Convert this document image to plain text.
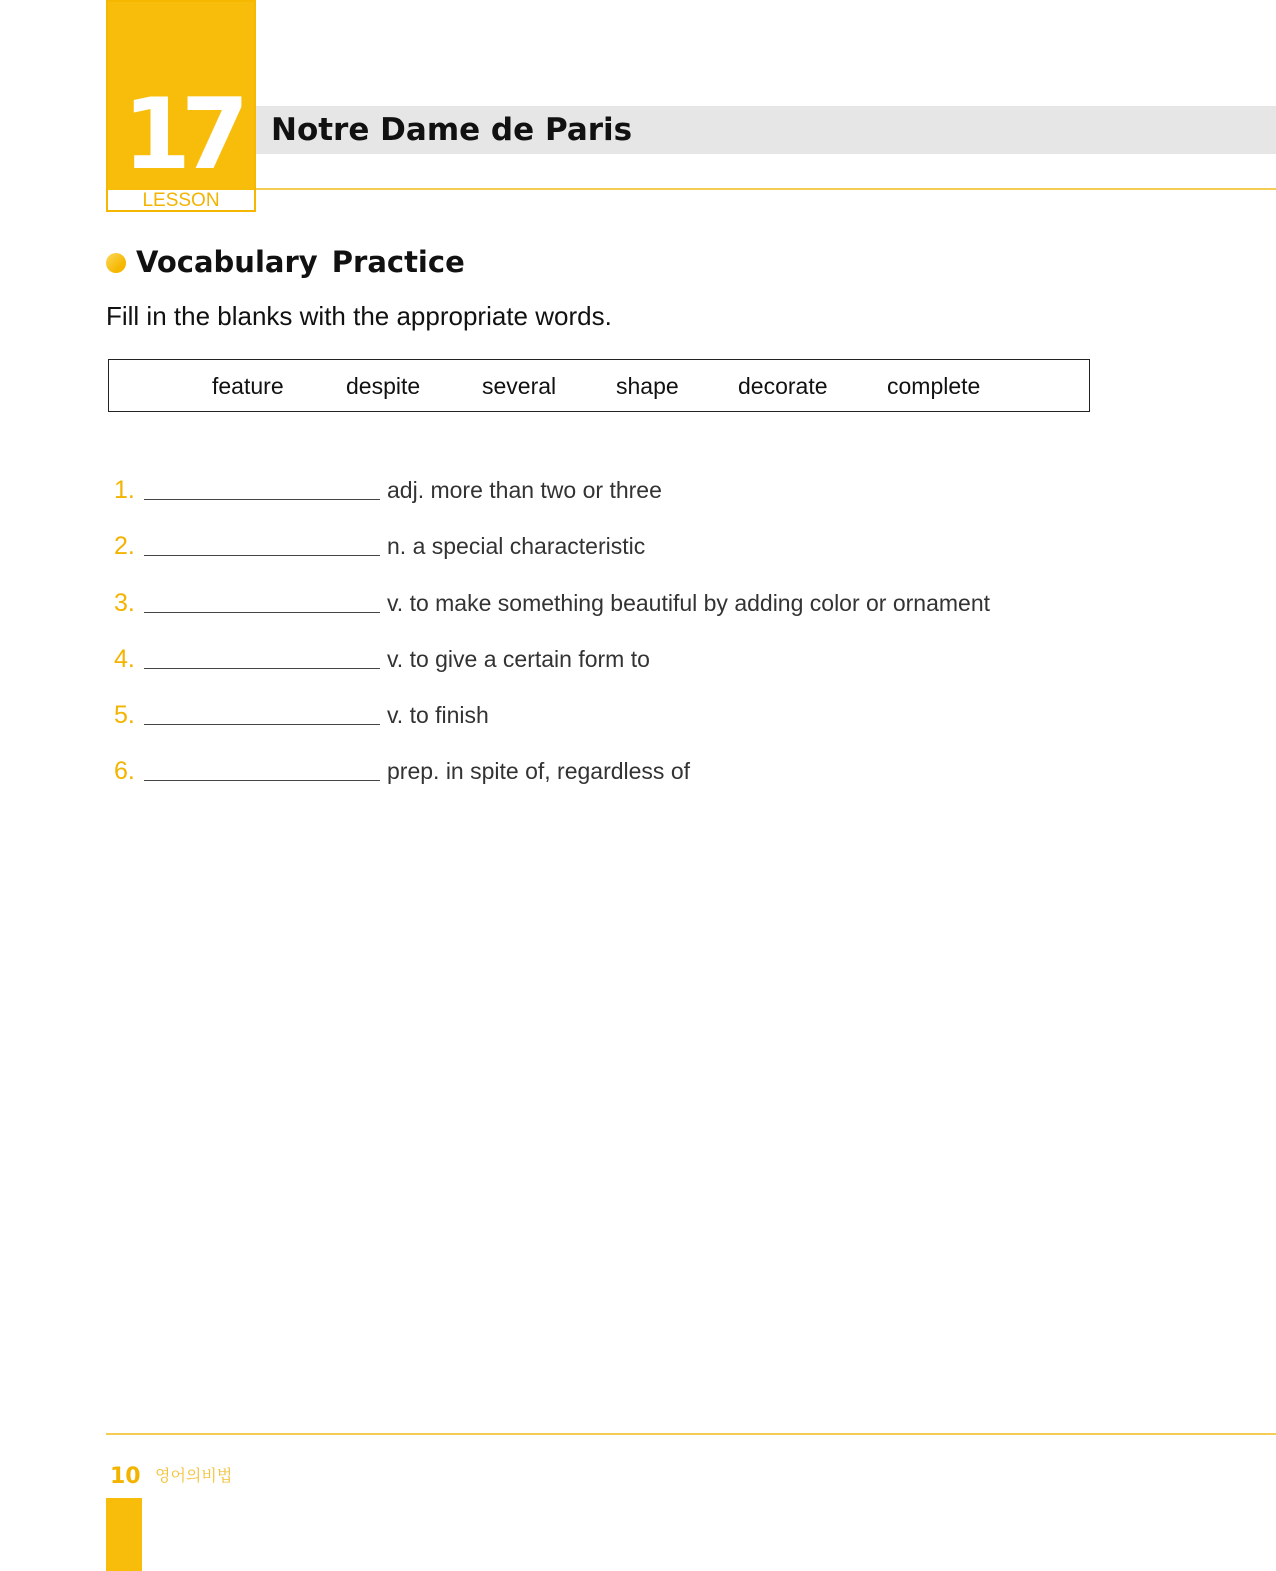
17
LESSON
Notre Dame de Paris
Vocabulary Practice
Fill in the blanks with the appropriate words.
feature	despite	several	shape	decorate	complete
1.	adj. more than two or three
2.	n. a special characteristic
3.	v. to make something beautiful by adding color or ornament
4.	v. to give a certain form to
5.	v. to finish
6.	prep. in spite of, regardless of
10 영어의비법
